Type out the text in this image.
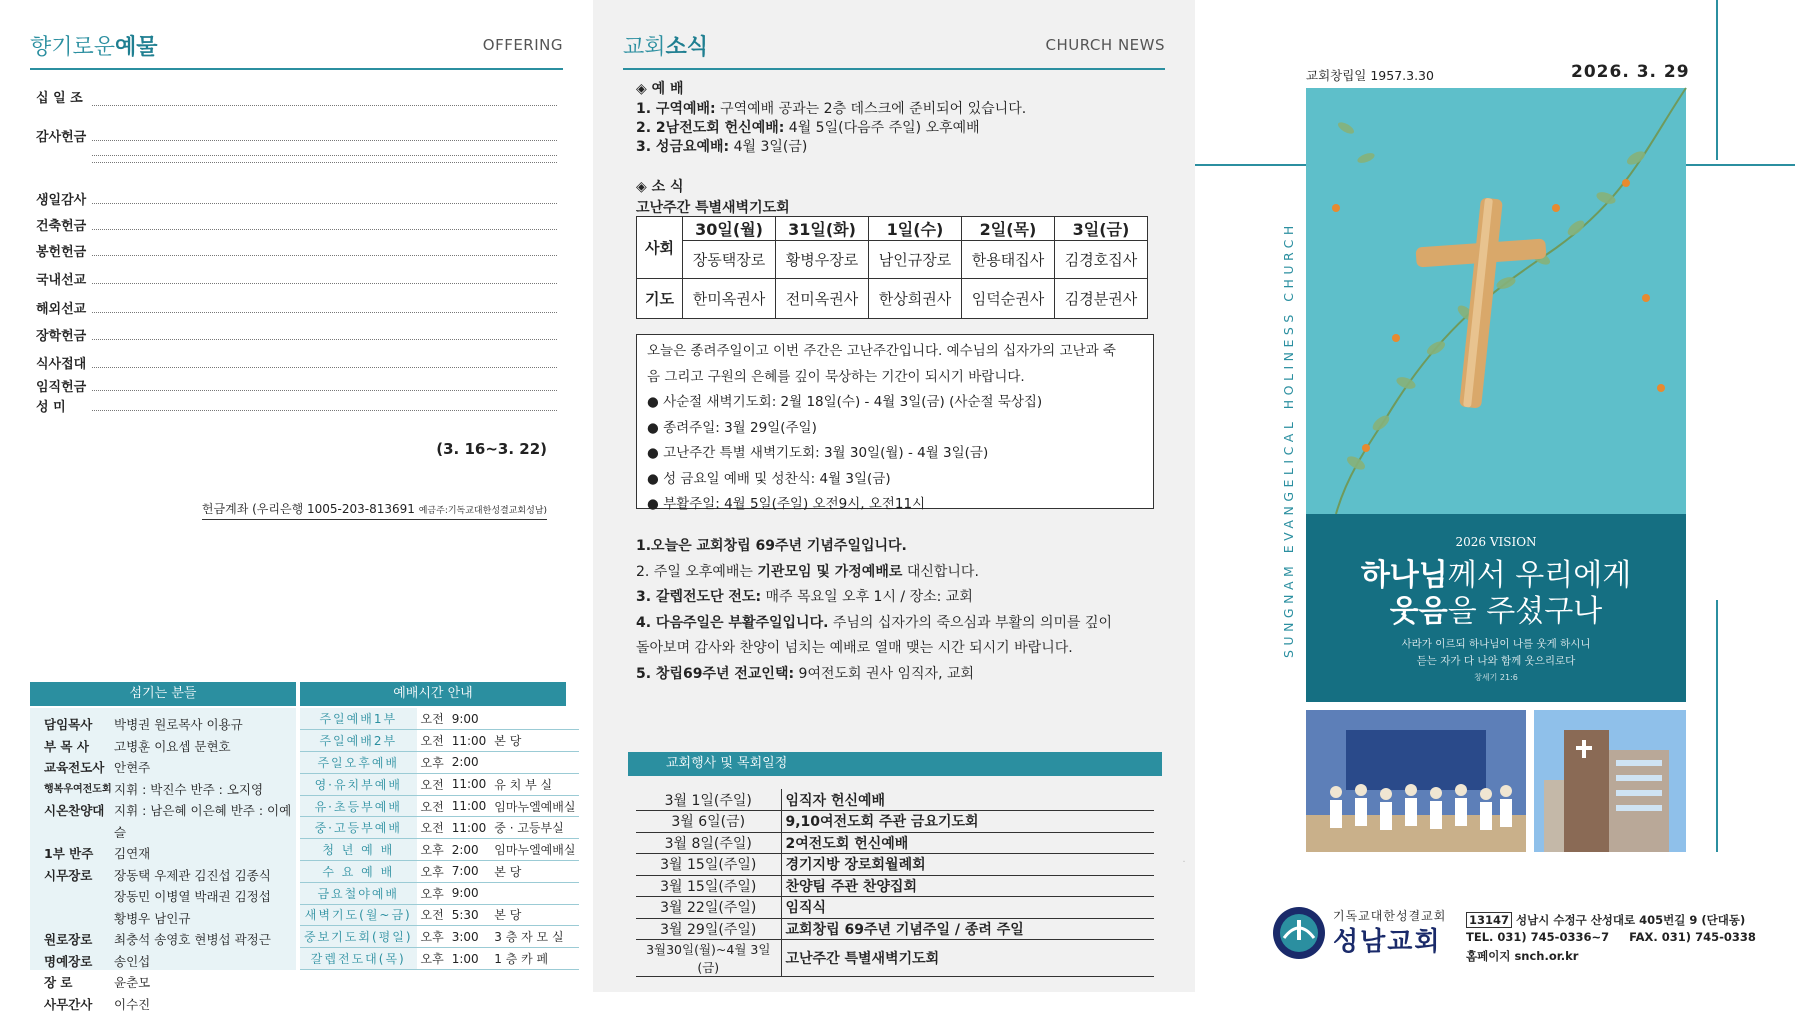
향기로운예물	OFFERING
십 일 조
감사헌금
생일감사
건축헌금
봉헌헌금
국내선교
해외선교
장학헌금
식사접대
임직헌금
성 미
(3. 16~3. 22)
헌금계좌 (우리은행 1005-203-813691 예금주:기독교대한성결교회성남)
섬기는 분들	예배시간 안내
담임목사	박병권 원로목사 이용규
부 목 사	고병훈 이요셉 문현호
교육전도사 안현주
행복우여전도회 지휘 : 박진수 반주 : 오지영
시온찬양대 지휘 : 남은혜 이은혜 반주 : 이예슬
1부 반주	김연재
시무장로	장동택 우제관 김진섭 김종식
장동민 이병열 박래권 김정섭
황병우 남인규
원로장로	최충석 송영호 현병섭 곽정근
명예장로	송인섭
장 로	윤춘모
사무간사	이수진
주일예배1부	오전	9:00	
주일예배2부	오전	11:00	본 당
주일오후예배	오후	2:00	
영·유치부예배	오전	11:00	유 치 부 실
유·초등부예배	오전	11:00	임마누엘예배실
중·고등부예배	오전	11:00	중 · 고등부실
청 년 예 배	오후	2:00	임마누엘예배실
수 요 예 배	오후	7:00	본 당
금요철야예배	오후	9:00	
새벽기도(월~금)	오전	5:30	본 당
중보기도회(평일)	오후	3:00	3 층 자 모 실
갈렙전도대(목)	오후	1:00	1 층 카 페
교회소식	CHURCH NEWS
◈ 예 배
1. 구역예배: 구역예배 공과는 2층 데스크에 준비되어 있습니다.
2. 2남전도회 헌신예배: 4월 5일(다음주 주일) 오후예배
3. 성금요예배: 4월 3일(금)
◈ 소 식
고난주간 특별새벽기도회
사회	30일(월)	31일(화)	1일(수)	2일(목)	3일(금)
	장동택장로	황병우장로	남인규장로	한용태집사	김경호집사
기도	한미옥권사	전미옥권사	한상희권사	임덕순권사	김경분권사
오늘은 종려주일이고 이번 주간은 고난주간입니다. 예수님의 십자가의 고난과 죽
음 그리고 구원의 은혜를 깊이 묵상하는 기간이 되시기 바랍니다.
● 사순절 새벽기도회: 2월 18일(수) - 4월 3일(금) (사순절 묵상집)
● 종려주일: 3월 29일(주일)
● 고난주간 특별 새벽기도회: 3월 30일(월) - 4월 3일(금)
● 성 금요일 예배 및 성찬식: 4월 3일(금)
● 부활주일: 4월 5일(주일) 오전9시, 오전11시
1.오늘은 교회창립 69주년 기념주일입니다.
2. 주일 오후예배는 기관모임 및 가정예배로 대신합니다.
3. 갈렙전도단 전도: 매주 목요일 오후 1시 / 장소: 교회
4. 다음주일은 부활주일입니다. 주님의 십자가의 죽으심과 부활의 의미를 깊이
돌아보며 감사와 찬양이 넘치는 예배로 열매 맺는 시간 되시기 바랍니다.
5. 창립69주년 전교인택: 9여전도회 권사 임직자, 교회
교회행사 및 목회일정
3월 1일(주일)	임직자 헌신예배
3월 6일(금)	9,10여전도회 주관 금요기도회
3월 8일(주일)	2여전도회 헌신예배
3월 15일(주일)	경기지방 장로회월례회
3월 15일(주일)	찬양팀 주관 찬양집회
3월 22일(주일)	임직식
3월 29일(주일)	교회창립 69주년 기념주일 / 종려 주일
3월30일(월)~4월 3일(금)	고난주간 특별새벽기도회
·
교회창립일 1957.3.30	2026. 3. 29
SUNGNAM EVANGELICAL HOLINESS CHURCH	2026 VISION
하나님께서 우리에게
웃음을 주셨구나
사라가 이르되 하나님이 나를 웃게 하시니
듣는 자가 다 나와 함께 웃으리로다
창세기 21:6
기독교대한성결교회
성남교회
13147 성남시 수정구 산성대로 405번길 9 (단대동)
TEL. 031) 745-0336~7 FAX. 031) 745-0338
홈페이지 snch.or.kr
